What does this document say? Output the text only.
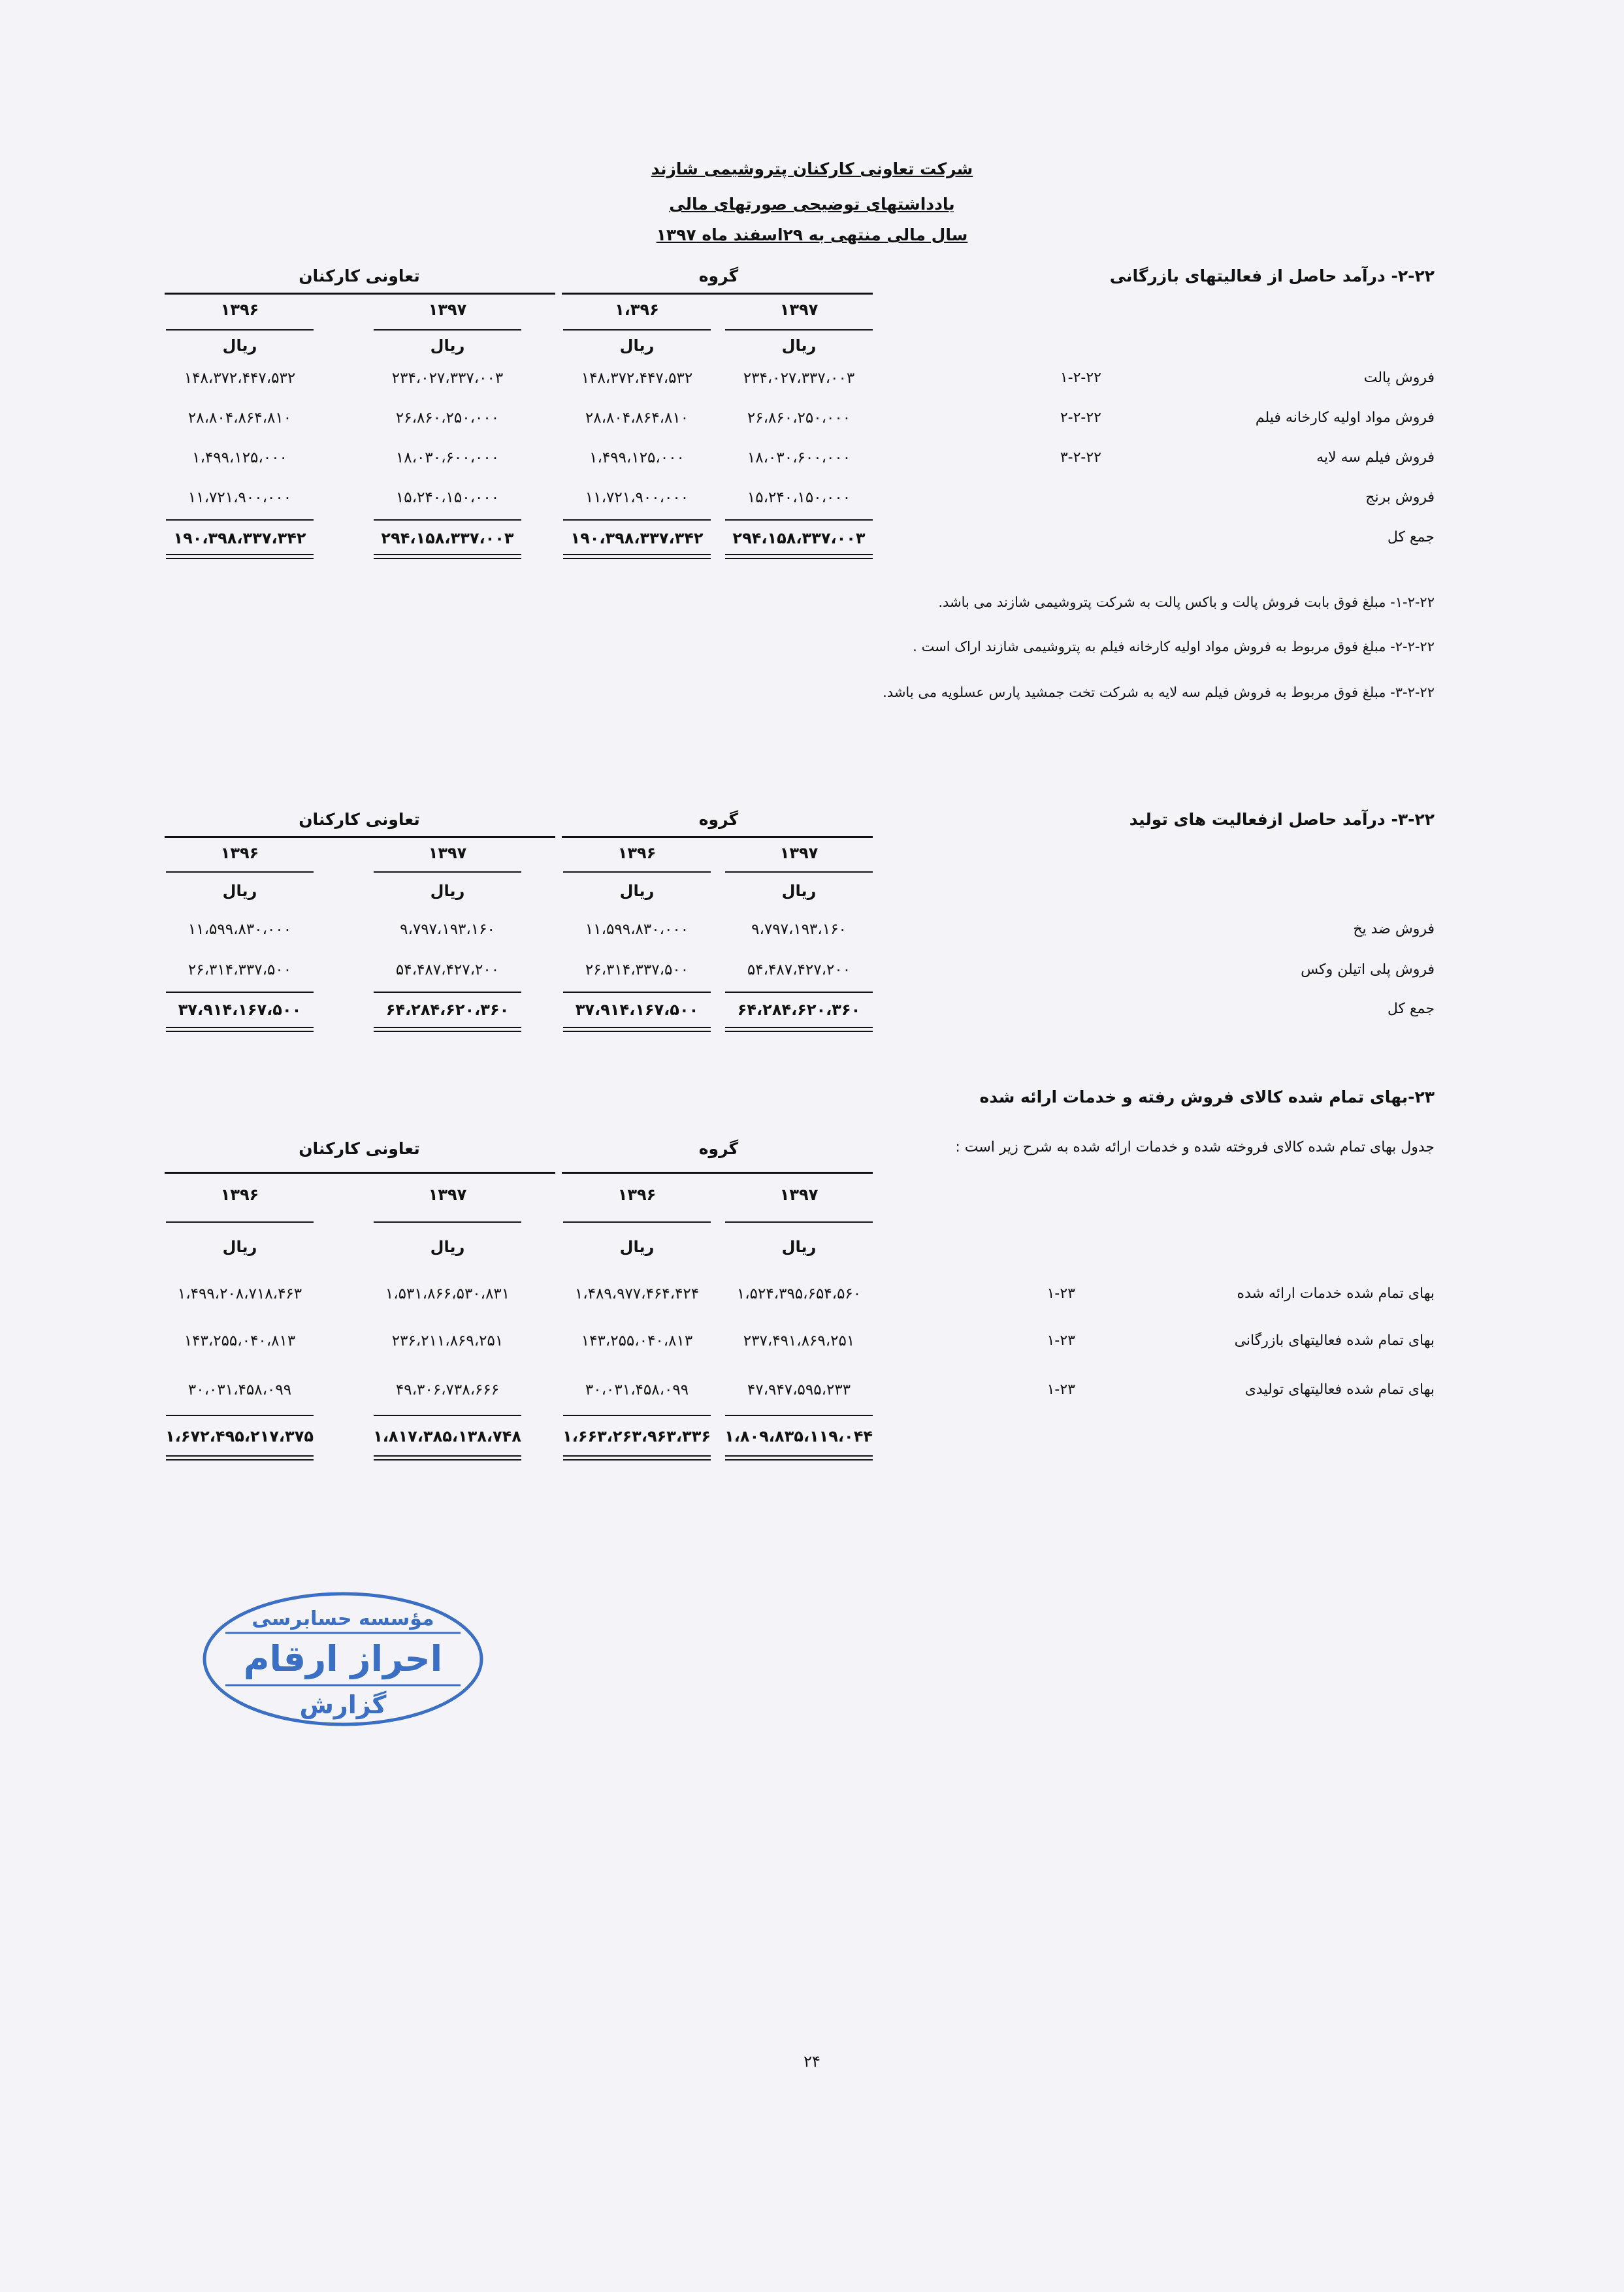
شرکت تعاونی کارکنان پتروشیمی شازند
یادداشتهای توضیحی صورتهای مالی
سال مالی منتهی به ۲۹اسفند ماه ۱۳۹۷
۲-۲۲- درآمد حاصل از فعالیتهای بازرگانی
گروه
تعاونی کارکنان
۱۳۹۷
۱،۳۹۶
۱۳۹۷
۱۳۹۶
ریال
ریال
ریال
ریال
فروش پالت
۱-۲-۲۲
۲۳۴،۰۲۷،۳۳۷،۰۰۳
۱۴۸،۳۷۲،۴۴۷،۵۳۲
۲۳۴،۰۲۷،۳۳۷،۰۰۳
۱۴۸،۳۷۲،۴۴۷،۵۳۲
فروش مواد اولیه کارخانه فیلم
۲-۲-۲۲
۲۶،۸۶۰،۲۵۰،۰۰۰
۲۸،۸۰۴،۸۶۴،۸۱۰
۲۶،۸۶۰،۲۵۰،۰۰۰
۲۸،۸۰۴،۸۶۴،۸۱۰
فروش فیلم سه لایه
۳-۲-۲۲
۱۸،۰۳۰،۶۰۰،۰۰۰
۱،۴۹۹،۱۲۵،۰۰۰
۱۸،۰۳۰،۶۰۰،۰۰۰
۱،۴۹۹،۱۲۵،۰۰۰
فروش برنج
۱۵،۲۴۰،۱۵۰،۰۰۰
۱۱،۷۲۱،۹۰۰،۰۰۰
۱۵،۲۴۰،۱۵۰،۰۰۰
۱۱،۷۲۱،۹۰۰،۰۰۰
جمع کل
۲۹۴،۱۵۸،۳۳۷،۰۰۳
۱۹۰،۳۹۸،۳۳۷،۳۴۲
۲۹۴،۱۵۸،۳۳۷،۰۰۳
۱۹۰،۳۹۸،۳۳۷،۳۴۲
۱-۲-۲۲- مبلغ فوق بابت فروش پالت و باکس پالت به شرکت پتروشیمی شازند می باشد.
۲-۲-۲۲- مبلغ فوق مربوط به فروش مواد اولیه کارخانه فیلم به پتروشیمی شازند اراک است .
۳-۲-۲۲- مبلغ فوق مربوط به فروش فیلم سه لایه به شرکت تخت جمشید پارس عسلویه می باشد.
۳-۲۲- درآمد حاصل ازفعالیت های تولید
گروه
تعاونی کارکنان
۱۳۹۷
۱۳۹۶
۱۳۹۷
۱۳۹۶
ریال
ریال
ریال
ریال
فروش ضد یخ
۹،۷۹۷،۱۹۳،۱۶۰
۱۱،۵۹۹،۸۳۰،۰۰۰
۹،۷۹۷،۱۹۳،۱۶۰
۱۱،۵۹۹،۸۳۰،۰۰۰
فروش پلی اتیلن وکس
۵۴،۴۸۷،۴۲۷،۲۰۰
۲۶،۳۱۴،۳۳۷،۵۰۰
۵۴،۴۸۷،۴۲۷،۲۰۰
۲۶،۳۱۴،۳۳۷،۵۰۰
جمع کل
۶۴،۲۸۴،۶۲۰،۳۶۰
۳۷،۹۱۴،۱۶۷،۵۰۰
۶۴،۲۸۴،۶۲۰،۳۶۰
۳۷،۹۱۴،۱۶۷،۵۰۰
۲۳-بهای تمام شده کالای فروش رفته و خدمات ارائه شده
جدول بهای تمام شده کالای فروخته شده و خدمات ارائه شده به شرح زیر است :
گروه
تعاونی کارکنان
۱۳۹۷
۱۳۹۶
۱۳۹۷
۱۳۹۶
ریال
ریال
ریال
ریال
بهای تمام شده خدمات ارائه شده
۱-۲۳
۱،۵۲۴،۳۹۵،۶۵۴،۵۶۰
۱،۴۸۹،۹۷۷،۴۶۴،۴۲۴
۱،۵۳۱،۸۶۶،۵۳۰،۸۳۱
۱،۴۹۹،۲۰۸،۷۱۸،۴۶۳
بهای تمام شده فعالیتهای بازرگانی
۱-۲۳
۲۳۷،۴۹۱،۸۶۹،۲۵۱
۱۴۳،۲۵۵،۰۴۰،۸۱۳
۲۳۶،۲۱۱،۸۶۹،۲۵۱
۱۴۳،۲۵۵،۰۴۰،۸۱۳
بهای تمام شده فعالیتهای تولیدی
۱-۲۳
۴۷،۹۴۷،۵۹۵،۲۳۳
۳۰،۰۳۱،۴۵۸،۰۹۹
۴۹،۳۰۶،۷۳۸،۶۶۶
۳۰،۰۳۱،۴۵۸،۰۹۹
۱،۸۰۹،۸۳۵،۱۱۹،۰۴۴
۱،۶۶۳،۲۶۳،۹۶۳،۳۳۶
۱،۸۱۷،۳۸۵،۱۳۸،۷۴۸
۱،۶۷۲،۴۹۵،۲۱۷،۳۷۵
مؤسسه حسابرسی
احراز ارقام
گزارش
۲۴
